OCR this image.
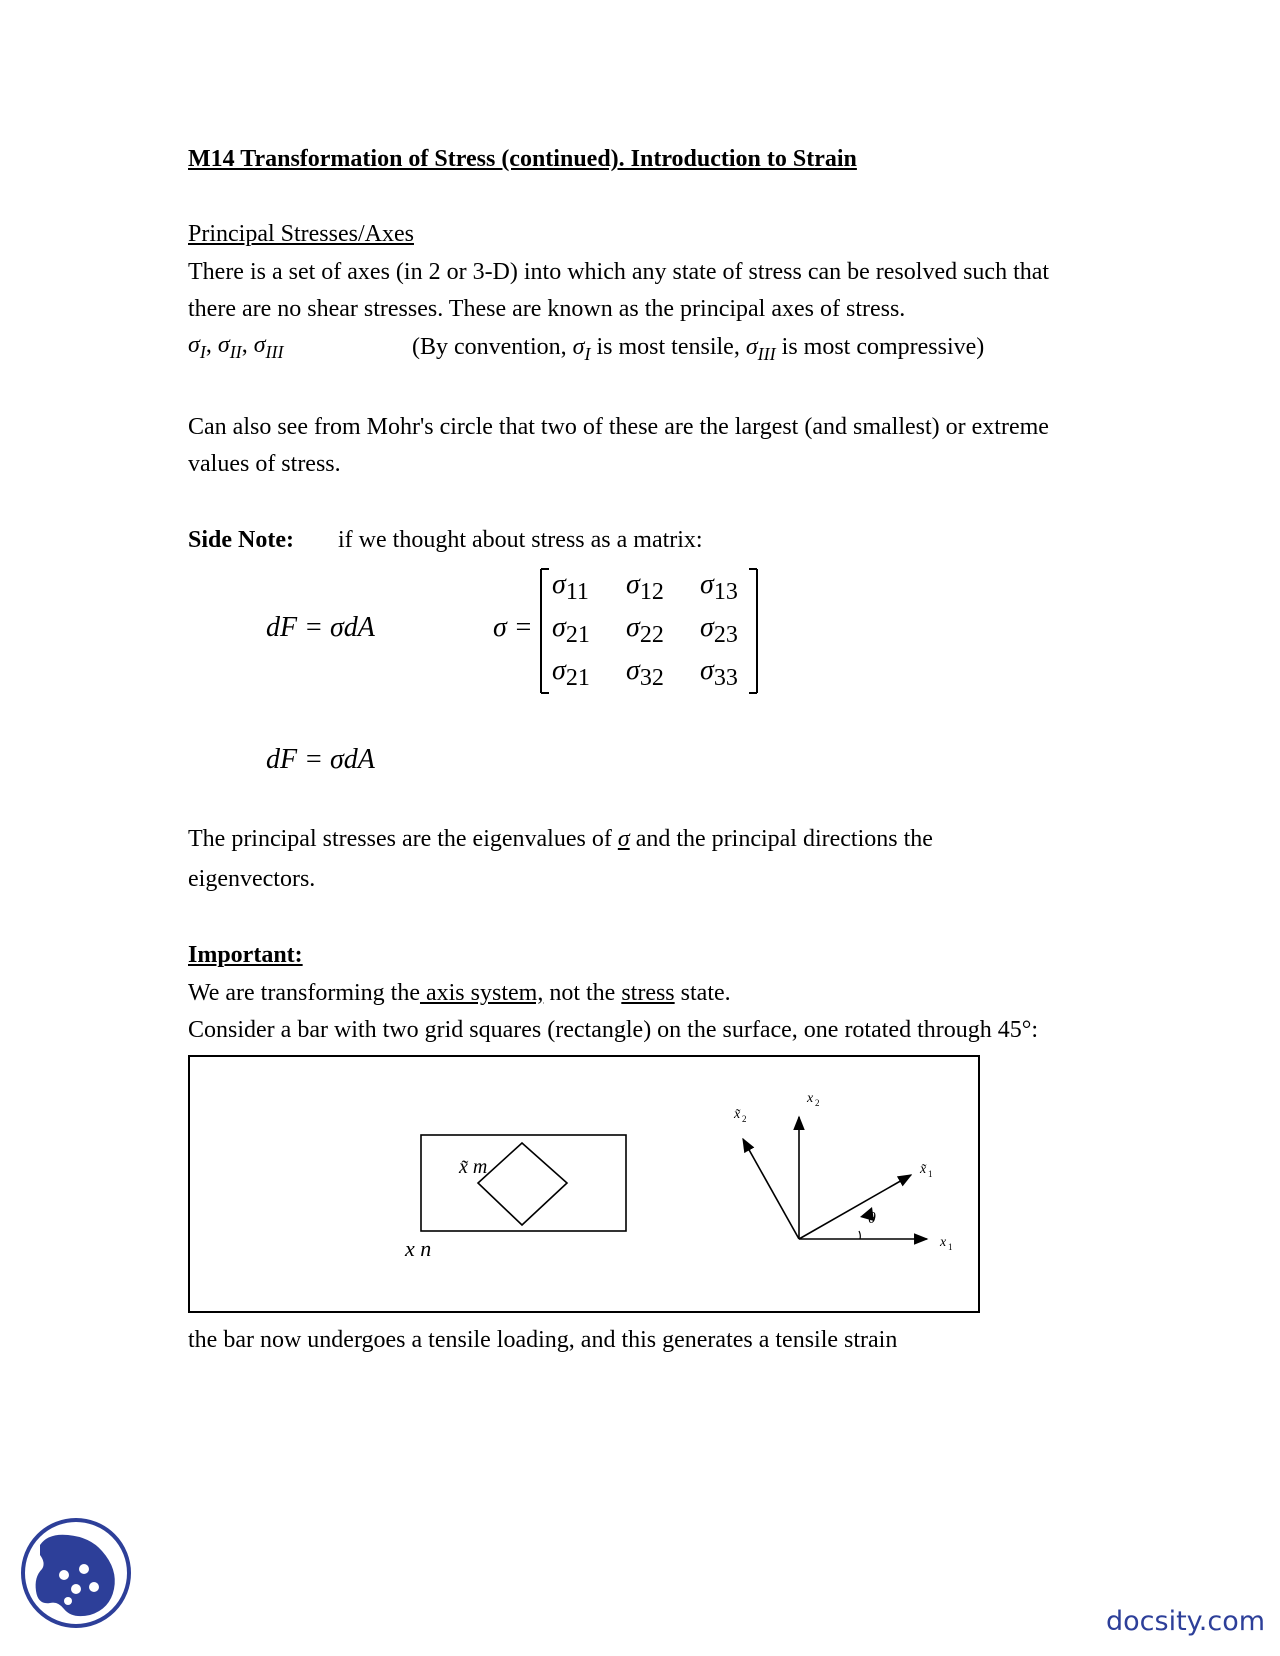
M14 Transformation of Stress (continued). Introduction to Strain
Principal Stresses/Axes
There is a set of axes (in 2 or 3-D) into which any state of stress can be resolved such that
there are no shear stresses. These are known as the principal axes of stress.
$\sigma_I$, $\sigma_{II}$, $\sigma_{III}$	(By convention, $\sigma_I$ is most tensile, $\sigma_{III}$ is most compressive)
Can also see from Mohr's circle that two of these are the largest (and smallest) or extreme
values of stress.
Side Note: if we thought about stress as a matrix:
dF = σdA	σ =
$\sigma_{11}$ $\sigma_{12}$ $\sigma_{13}$
$\sigma_{21}$ $\sigma_{22}$ $\sigma_{23}$
$\sigma_{21}$ $\sigma_{32}$ $\sigma_{33}$
dF = σdA
The principal stresses are the eigenvalues of σ and the principal directions the
eigenvectors.
Important:
We are transforming the axis system, not the stress state.
Consider a bar with two grid squares (rectangle) on the surface, one rotated through 45°:
x̃ m
x n
x̃ 2
x 2
x̃ 1
x 1
θ
the bar now undergoes a tensile loading, and this generates a tensile strain
docsity.com
